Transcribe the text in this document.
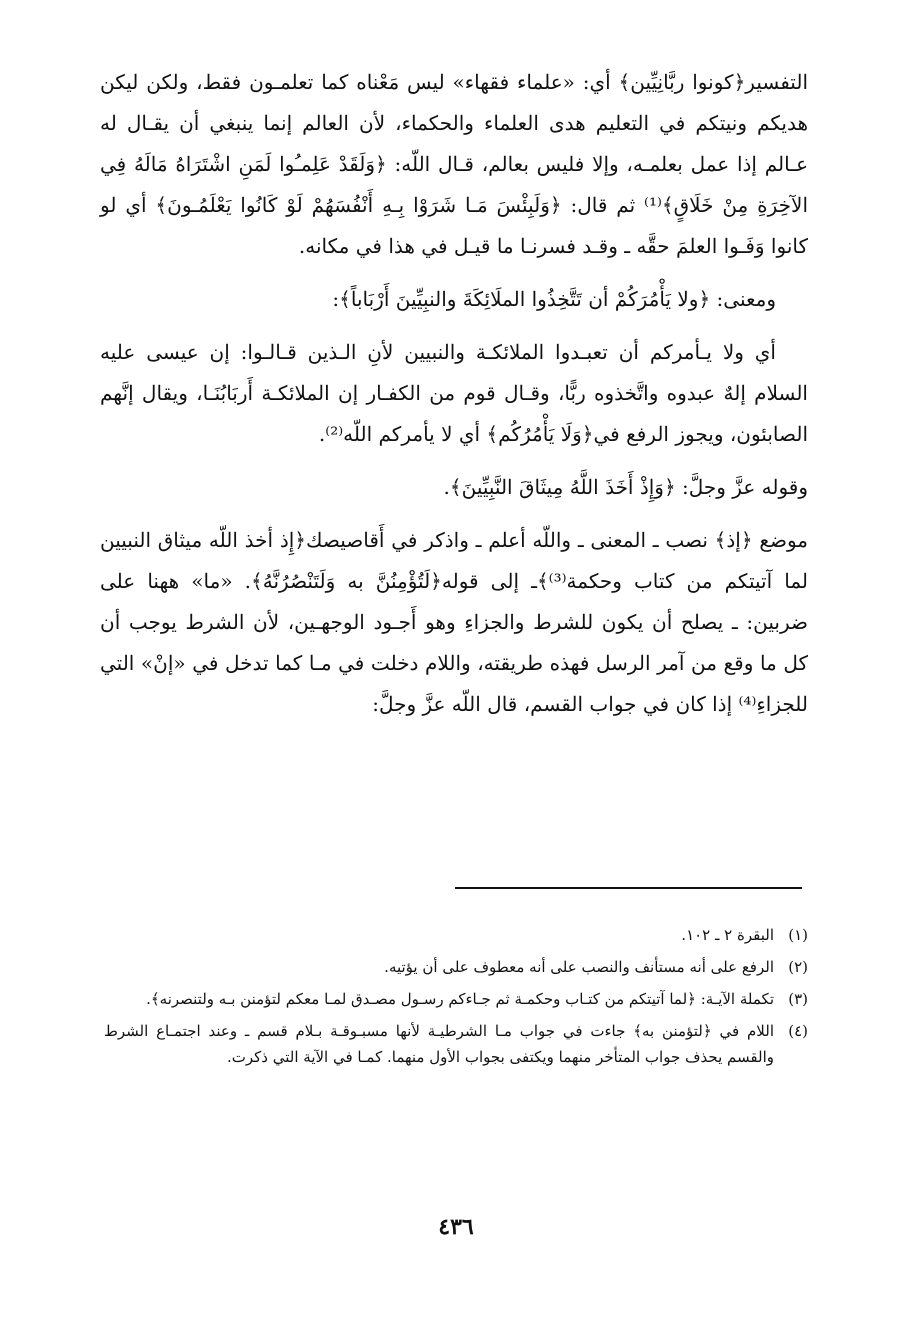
التفسير﴿كونوا ربَّانِيِّين﴾ أي: «علماء فقهاء» ليس مَعْناه كما تعلمـون فقط، ولكن ليكن هديكم ونيتكم في التعليم هدى العلماء والحكماء، لأن العالم إنما ينبغي أن يقـال له عـالم إذا عمل بعلمـه، وإلا فليس بعالم، قـال اللّه: ﴿وَلَقَدْ عَلِمـُوا لَمَنِ اشْتَرَاهُ مَالَهُ فِي الآخِرَةِ مِنْ خَلَاقٍ﴾⁽¹⁾ ثم قال: ﴿وَلَبِئْسَ مَـا شَرَوْا بِـهِ أَنْفُسَهُمْ لَوْ كَانُوا يَعْلَمُـونَ﴾ أي لو كانوا وَفَـوا العلمَ حقَّه ـ وقـد فسرنـا ما قيـل في هذا في مكانه.

ومعنى: ﴿ولا يَأْمُرَكُمْ أن تَتَّخِذُوا الملَائِكَةَ والنبِيِّينَ أَرْبَاباً﴾:

أي ولا يـأمركم أن تعبـدوا الملائكـة والنبيين لأنِ الـذين قـالـوا: إن عيسى عليه السلام إلهٌ عبدوه واتَّخذوه ربًّا، وقـال قوم من الكفـار إن الملائكـة أَربَابُنَـا، ويقال إنَّهم الصابئون، ويجوز الرفع في﴿وَلَا يَأْمُرُكُم﴾ أي لا يأمركم اللّه⁽²⁾.

وقوله عزَّ وجلَّ: ﴿وَإِذْ أَخَذَ اللَّهُ مِيثَاقَ النَّبِيِّينَ﴾.

موضع ﴿إذ﴾ نصب ـ المعنى ـ واللّه أعلم ـ واذكر في أَقاصيصك﴿إِذ أخذ اللّه ميثاق النبيين لما آتيتكم من كتاب وحكمة⁽³⁾﴾ـ إلى قوله﴿لَتُؤْمِنُنَّ به وَلَتَنْصُرُنَّهُ﴾. «ما» ههنا على ضربين: ـ يصلح أن يكون للشرط والجزاءِ وهو أَجـود الوجهـين، لأن الشرط يوجب أن كل ما وقع من آمر الرسل فهذه طريقته، واللام دخلت في مـا كما تدخل في «إنْ» التي للجزاءِ⁽⁴⁾ إذا كان في جواب القسم، قال اللّه عزَّ وجلَّ:

(١)
البقرة ٢ ـ ١٠٢.
(٢)
الرفع على أنه مستأنف والنصب على أنه معطوف على أن يؤتيه.
(٣)
تكملة الآيـة: ﴿لما آتيتكم من كتـاب وحكمـة ثم جـاءكم رسـول مصـدق لمـا معكم لتؤمنن بـه ولتنصرنه﴾.
(٤)
اللام في ﴿لتؤمنن به﴾ جاءت في جواب مـا الشرطيـة لأنها مسبـوقـة بـلام قسم ـ وعند اجتمـاع الشرط والقسم يحذف جواب المتأخر منهما ويكتفى بجواب الأول منهما. كمـا في الآية التي ذكرت.
٤٣٦
